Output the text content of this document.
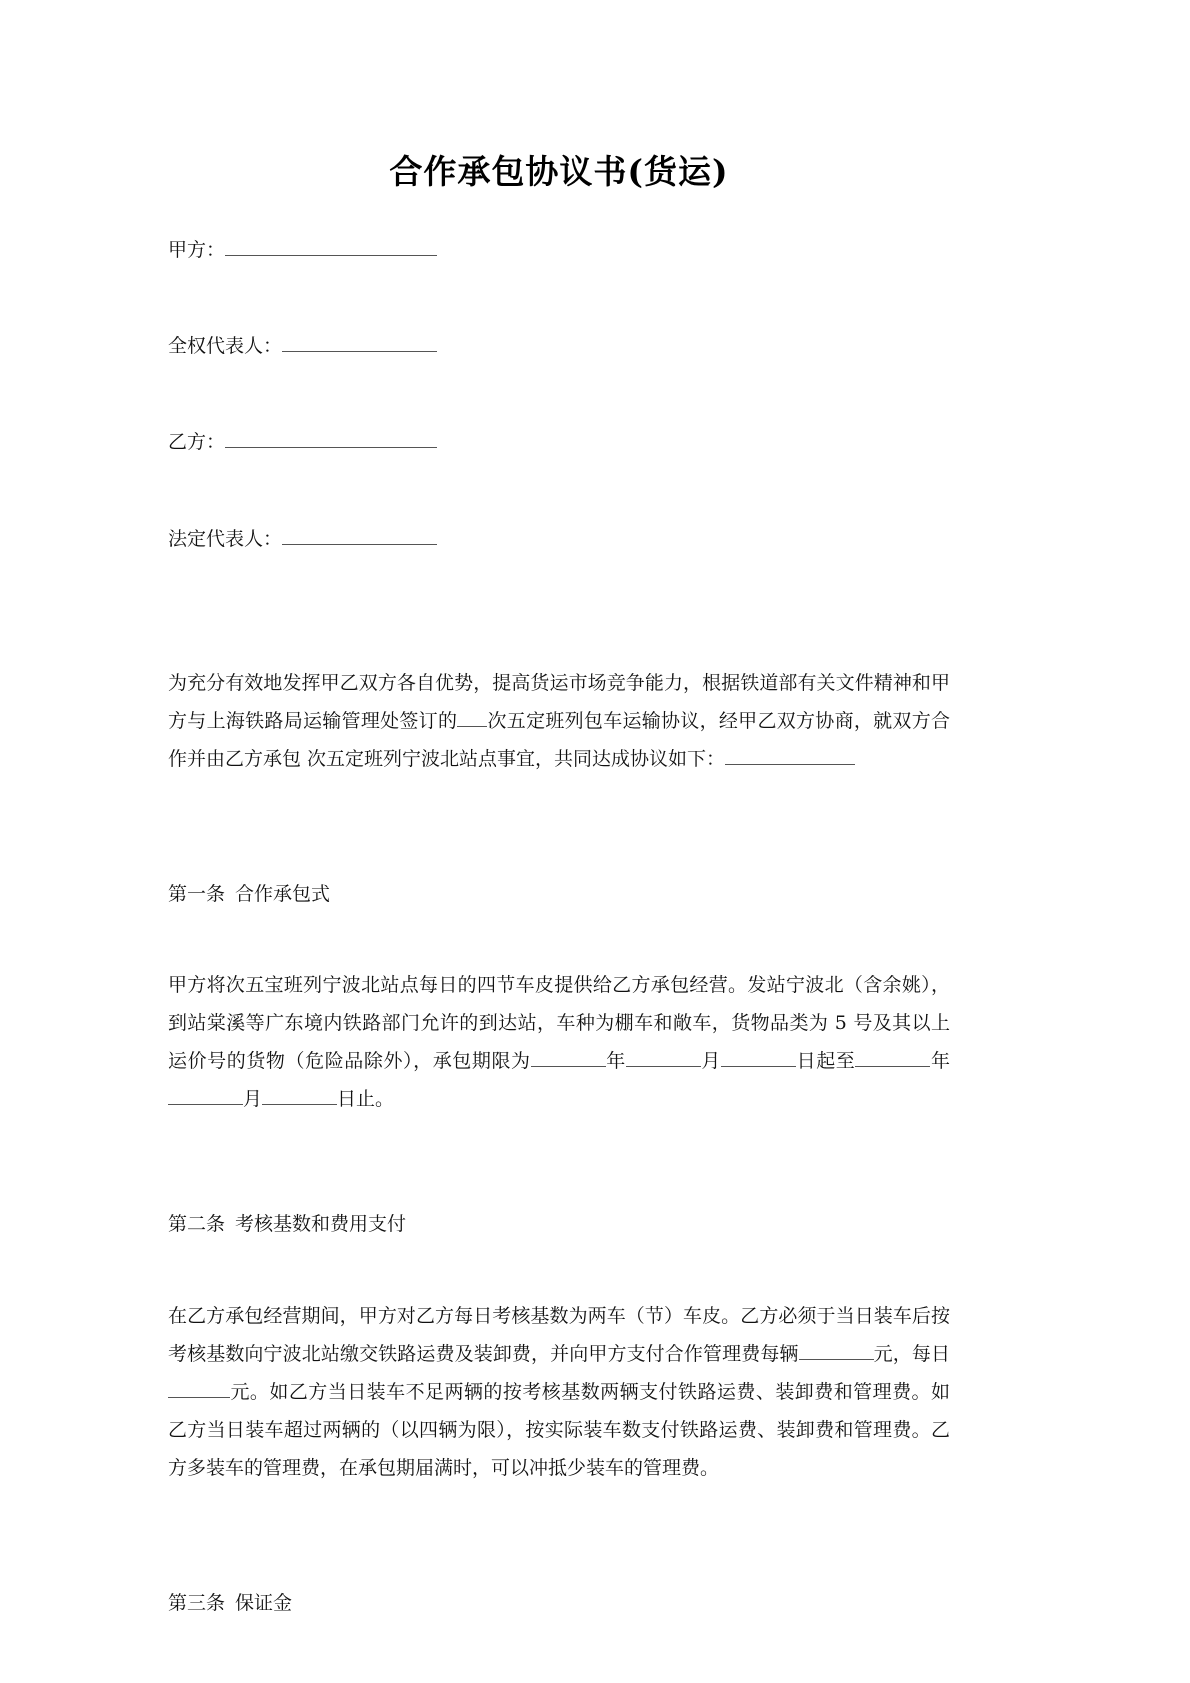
合作承包协议书(货运)

甲方：

全权代表人：

乙方：

法定代表人：

为充分有效地发挥甲乙双方各自优势，提高货运市场竞争能力，根据铁道部有关文件精神和甲方与上海铁路局运输管理处签订的 次五定班列包车运输协议，经甲乙双方协商，就双方合作并由乙方承包 次五定班列宁波北站点事宜，共同达成协议如下：

第一条 合作承包式

甲方将次五宝班列宁波北站点每日的四节车皮提供给乙方承包经营。发站宁波北（含余姚），到站棠溪等广东境内铁路部门允许的到达站，车种为棚车和敞车，货物品类为 5 号及其以上运价号的货物（危险品除外），承包期限为	年	月	日起至	年月	日止。

第二条 考核基数和费用支付

在乙方承包经营期间，甲方对乙方每日考核基数为两车（节）车皮。乙方必须于当日装车后按考核基数向宁波北站缴交铁路运费及装卸费，并向甲方支付合作管理费每辆	元，每日元。如乙方当日装车不足两辆的按考核基数两辆支付铁路运费、装卸费和管理费。如乙方当日装车超过两辆的（以四辆为限），按实际装车数支付铁路运费、装卸费和管理费。乙方多装车的管理费，在承包期届满时，可以冲抵少装车的管理费。

第三条 保证金
